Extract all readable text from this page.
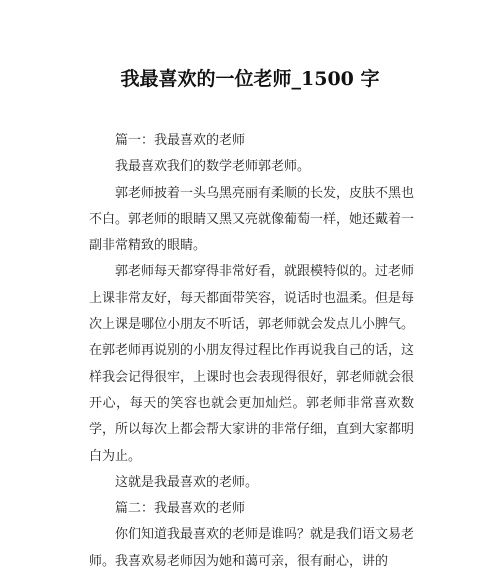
我最喜欢的一位老师_1500 字

篇一：我最喜欢的老师

我最喜欢我们的数学老师郭老师。

郭老师披着一头乌黑亮丽有柔顺的长发，皮肤不黑也不白。郭老师的眼睛又黑又亮就像葡萄一样，她还戴着一副非常精致的眼睛。

郭老师每天都穿得非常好看，就跟模特似的。过老师上课非常友好，每天都面带笑容，说话时也温柔。但是每次上课是哪位小朋友不听话，郭老师就会发点儿小脾气。在郭老师再说别的小朋友得过程比作再说我自己的话，这样我会记得很牢，上课时也会表现得很好，郭老师就会很开心，每天的笑容也就会更加灿烂。郭老师非常喜欢数学，所以每次上都会帮大家讲的非常仔细，直到大家都明白为止。

这就是我最喜欢的老师。

篇二：我最喜欢的老师

你们知道我最喜欢的老师是谁吗？就是我们语文易老师。我喜欢易老师因为她和蔼可亲，很有耐心，讲的
